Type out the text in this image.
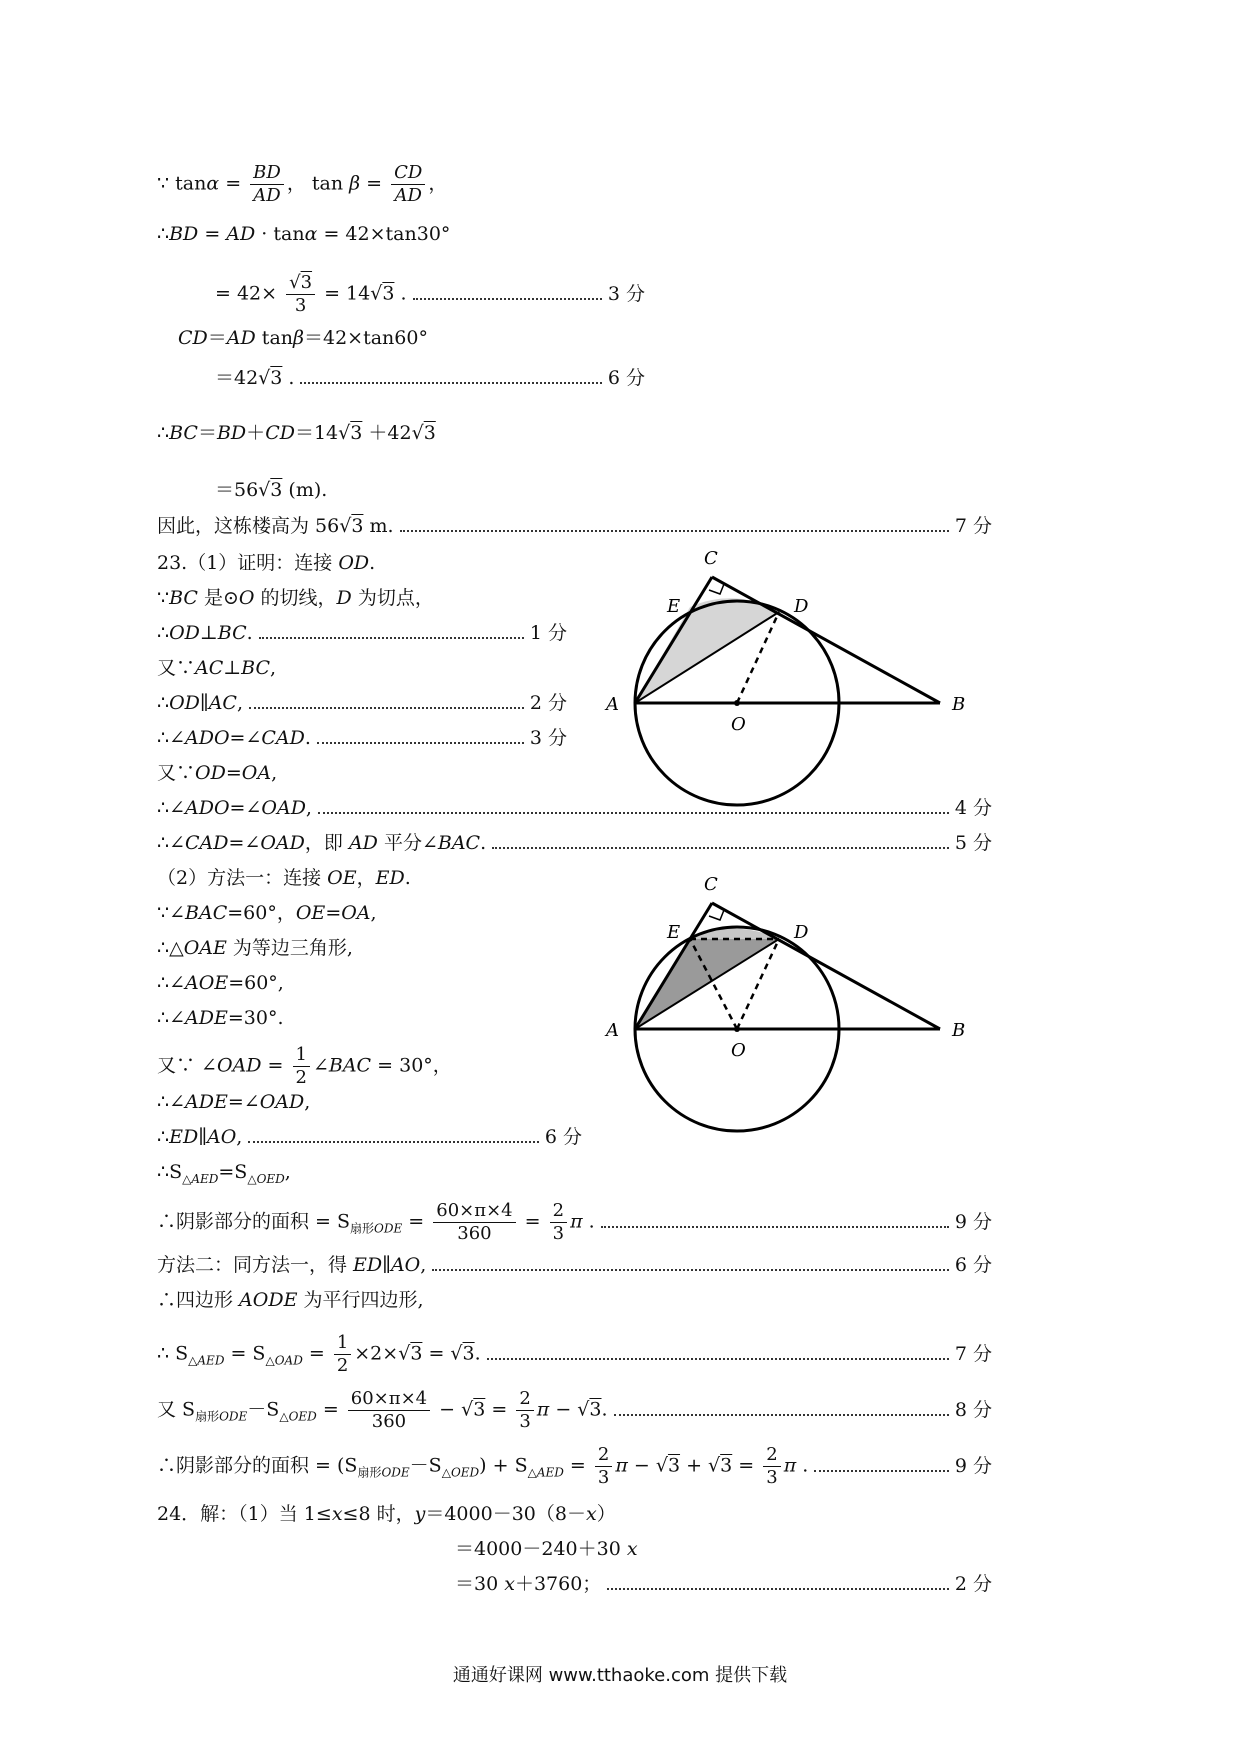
∵ $\tan\alpha = \frac{BD}{AD}$ ， $\tan \beta = \frac{CD}{AD}$ ，
∴BD = AD · tanα = 42×tan30°
= $42\times \frac{√3}{3} = 14√3$ .	3 分
CD＝AD tanβ＝42×tan60°
＝42√3 .	6 分
∴BC＝BD＋CD＝14√3 ＋42√3
＝56√3 (m).
因此，这栋楼高为 56√3 m.	7 分
23.（1）证明：连接 OD.
∵BC 是⊙O 的切线，D 为切点，
∴OD⊥BC.	1 分
又∵AC⊥BC,
∴OD∥AC,	2 分
∴∠ADO=∠CAD.	3 分
又∵OD=OA,
∴∠ADO=∠OAD,	4 分
∴∠CAD=∠OAD，即 AD 平分∠BAC.	5 分
（2）方法一：连接 OE，ED.
∵∠BAC=60°，OE=OA,
∴△OAE 为等边三角形,
∴∠AOE=60°,
∴∠ADE=30°.
又∵ ∠OAD = $\frac{1}{2}$ ∠BAC = 30°，
∴∠ADE=∠OAD,
∴ED∥AO,	6 分
$\therefore S_{\triangle AED}=S_{\triangle OED}$,
∴阴影部分的面积 = $S_{扇形ODE} = \frac{60\times\pi\times 4}{360} = \frac{2}{3}$ π .	9 分
方法二：同方法一，得 ED∥AO,	6 分
∴四边形 AODE 为平行四边形,
∴ $S_{\triangle AED} = S_{\triangle OAD} = \frac{1}{2} \times 2\times√3 = √3$.	7 分
又 $S_{扇形ODE}-S_{\triangle OED} = \frac{60\times\pi\times 4}{360} - √3 = \frac{2}{3}$ π − √3.	8 分
∴阴影部分的面积 = $(S_{扇形ODE}-S_{\triangle OED}) + S_{\triangle AED} = \frac{2}{3}$ $\pi - √3 + √3 = \frac{2}{3}$ π .	9 分
24．解：（1）当 1≤x≤8 时，y＝4000－30（8－x）
＝4000－240＋30 x
＝30 x＋3760；	2 分
C
E	D
A
O
B
C
E	D
A
O
B
通通好课网 www.tthaoke.com 提供下载
